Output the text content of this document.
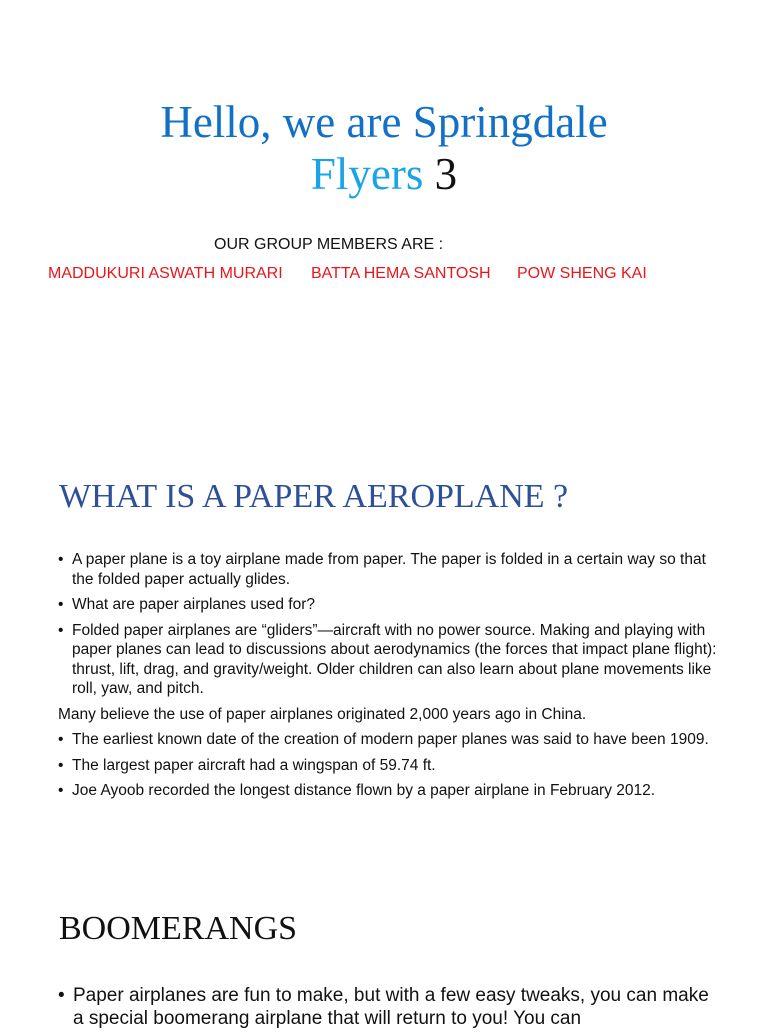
Hello, we are Springdale
Flyers 3
OUR GROUP MEMBERS ARE :
MADDUKURI ASWATH MURARI BATTA HEMA SANTOSH POW SHENG KAI
WHAT IS A PAPER AEROPLANE ?
• A paper plane is a toy airplane made from paper. The paper is folded in a certain way so that the folded paper actually glides.
• What are paper airplanes used for?
• Folded paper airplanes are “gliders”—aircraft with no power source. Making and playing with paper planes can lead to discussions about aerodynamics (the forces that impact plane flight): thrust, lift, drag, and gravity/weight. Older children can also learn about plane movements like roll, yaw, and pitch.
Many believe the use of paper airplanes originated 2,000 years ago in China.
• The earliest known date of the creation of modern paper planes was said to have been 1909.
• The largest paper aircraft had a wingspan of 59.74 ft.
• Joe Ayoob recorded the longest distance flown by a paper airplane in February 2012.
BOOMERANGS
• Paper airplanes are fun to make, but with a few easy tweaks, you can make a special boomerang airplane that will return to you! You can
